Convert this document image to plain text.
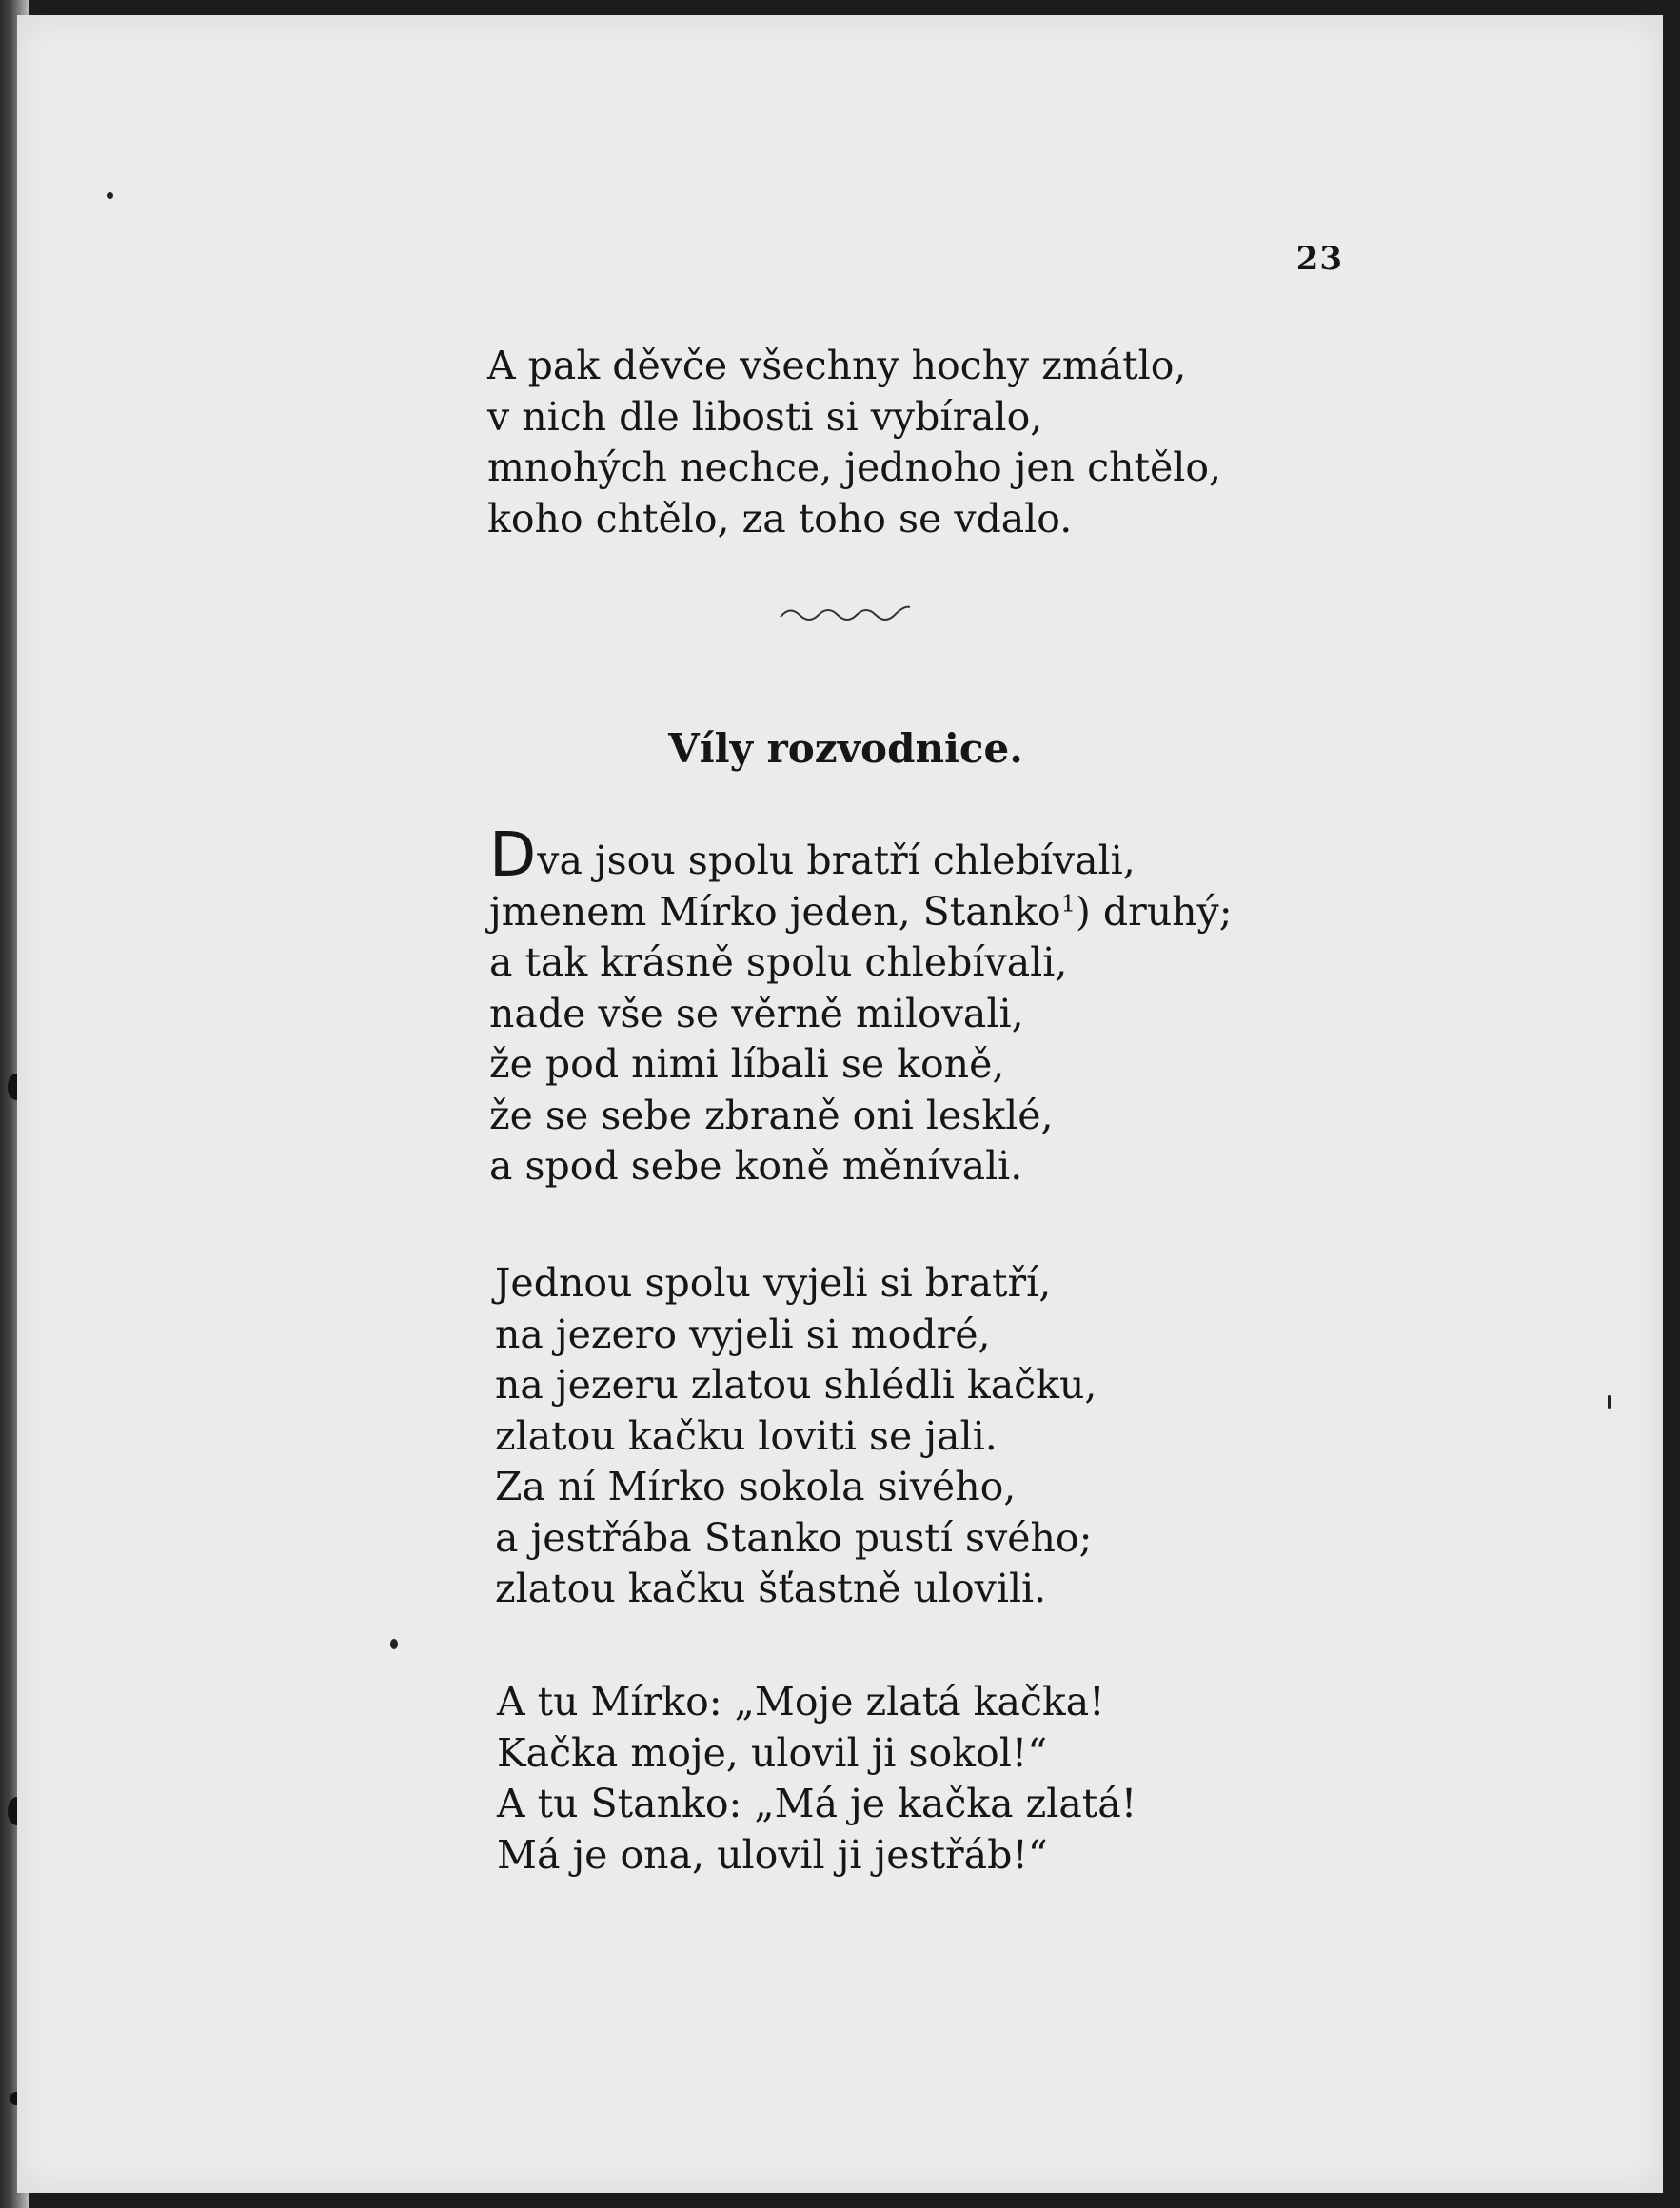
23
A pak děvče všechny hochy zmátlo,
v nich dle libosti si vybíralo,
mnohých nechce, jednoho jen chtělo,
koho chtělo, za toho se vdalo.
Víly rozvodnice.
Dva jsou spolu bratří chlebívali,
jmenem Mírko jeden, Stanko$^1$) druhý;
a tak krásně spolu chlebívali,
nade vše se věrně milovali,
že pod nimi líbali se koně,
že se sebe zbraně oni lesklé,
a spod sebe koně měnívali.
Jednou spolu vyjeli si bratří,
na jezero vyjeli si modré,
na jezeru zlatou shlédli kačku,
zlatou kačku loviti se jali.
Za ní Mírko sokola sivého,
a jestřába Stanko pustí svého;
zlatou kačku šťastně ulovili.
A tu Mírko: „Moje zlatá kačka!
Kačka moje, ulovil ji sokol!“
A tu Stanko: „Má je kačka zlatá!
Má je ona, ulovil ji jestřáb!“
